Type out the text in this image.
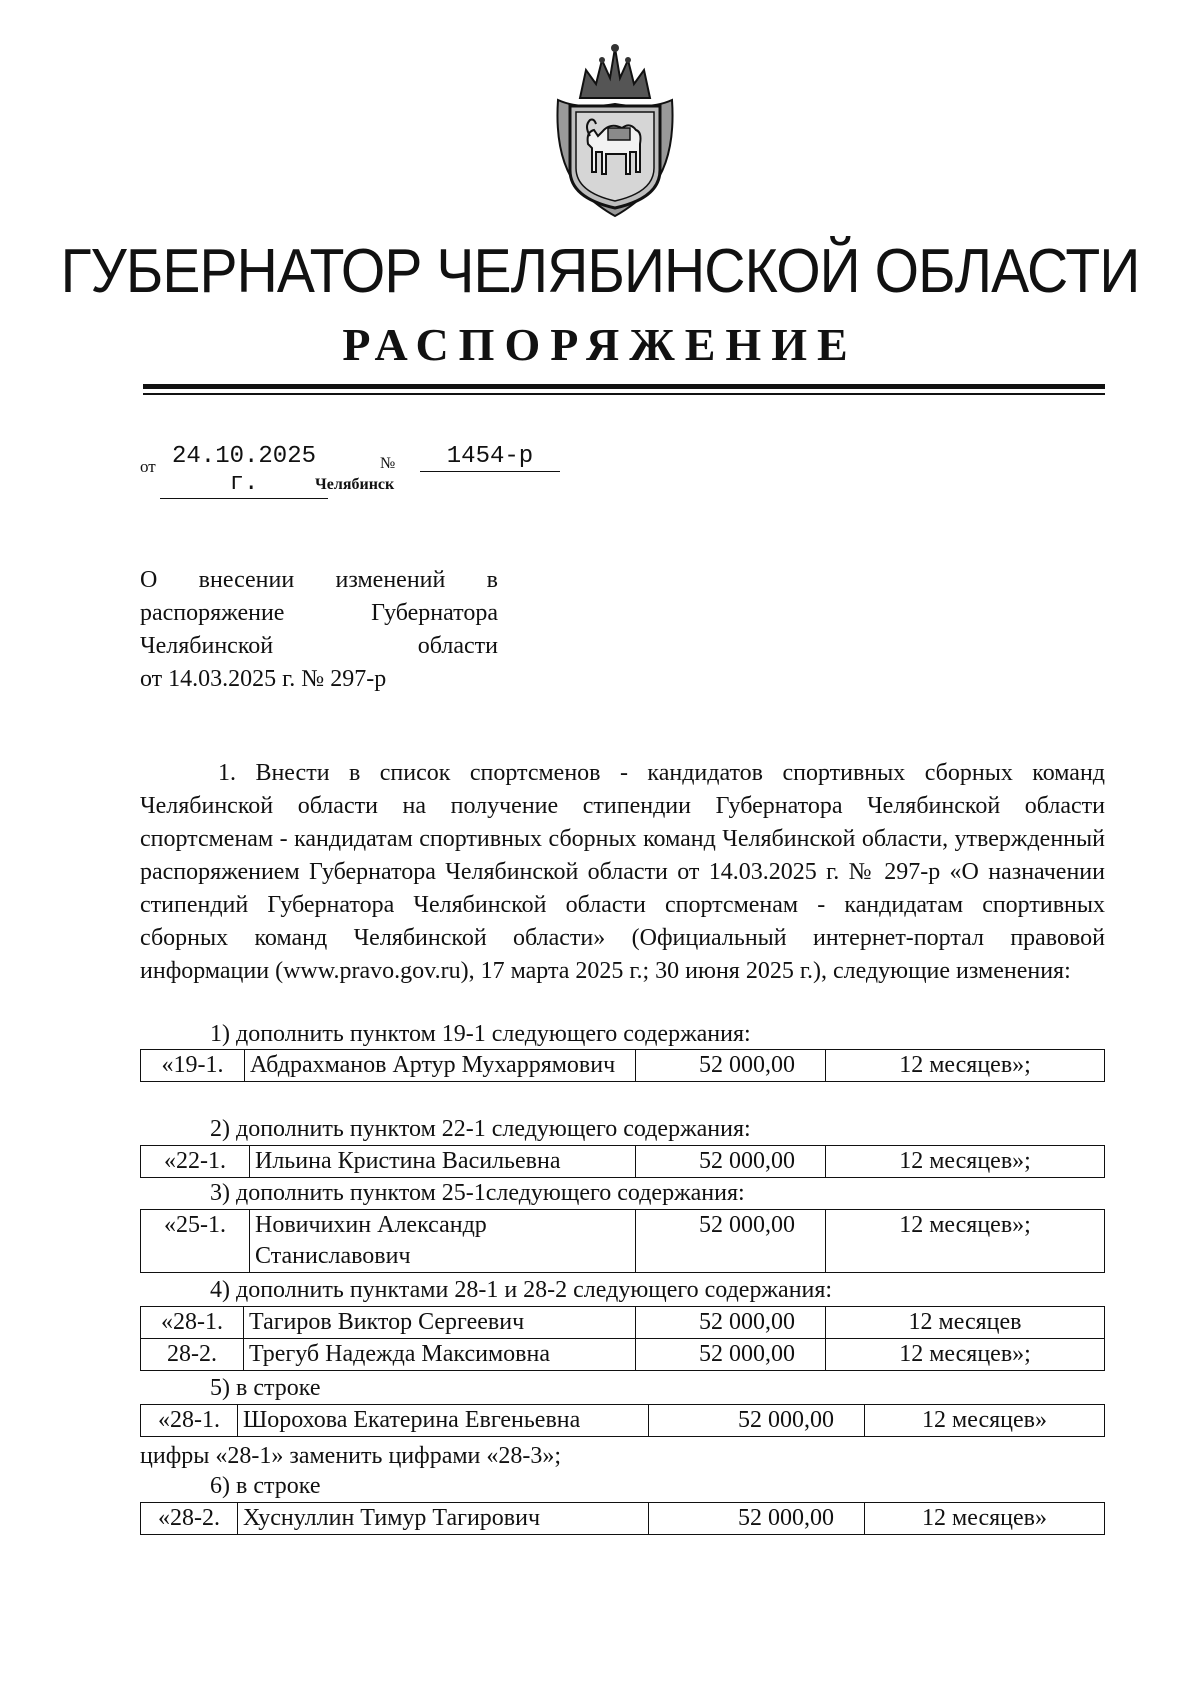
ГУБЕРНАТОР ЧЕЛЯБИНСКОЙ ОБЛАСТИ
РАСПОРЯЖЕНИЕ
от 24.10.2025 г.
№	1454-р
Челябинск
О внесении изменений в
распоряжение Губернатора
Челябинской области
от 14.03.2025 г. № 297-р

1. Внести в список спортсменов - кандидатов спортивных сборных команд Челябинской области на получение стипендии Губернатора Челябинской области спортсменам - кандидатам спортивных сборных команд Челябинской области, утвержденный распоряжением Губернатора Челябинской области от 14.03.2025 г. № 297-р «О назначении стипендий Губернатора Челябинской области спортсменам - кандидатам спортивных сборных команд Челябинской области» (Официальный интернет-портал правовой информации (www.pravo.gov.ru), 17 марта 2025 г.; 30 июня 2025 г.), следующие изменения:

1) дополнить пунктом 19-1 следующего содержания:
«19-1.	Абдрахманов Артур Мухаррямович	52 000,00	12 месяцев»;
2) дополнить пунктом 22-1 следующего содержания:
«22-1.	Ильина Кристина Васильевна	52 000,00	12 месяцев»;
3) дополнить пунктом 25-1следующего содержания:
«25-1.	Новичихин Александр Станиславович	52 000,00	12 месяцев»;
4) дополнить пунктами 28-1 и 28-2 следующего содержания:
«28-1.	Тагиров Виктор Сергеевич	52 000,00	12 месяцев
28-2.	Трегуб Надежда Максимовна	52 000,00	12 месяцев»;
5) в строке
«28-1.	Шорохова Екатерина Евгеньевна	52 000,00	12 месяцев»
цифры «28-1» заменить цифрами «28-3»;
6) в строке
«28-2.	Хуснуллин Тимур Тагирович	52 000,00	12 месяцев»
